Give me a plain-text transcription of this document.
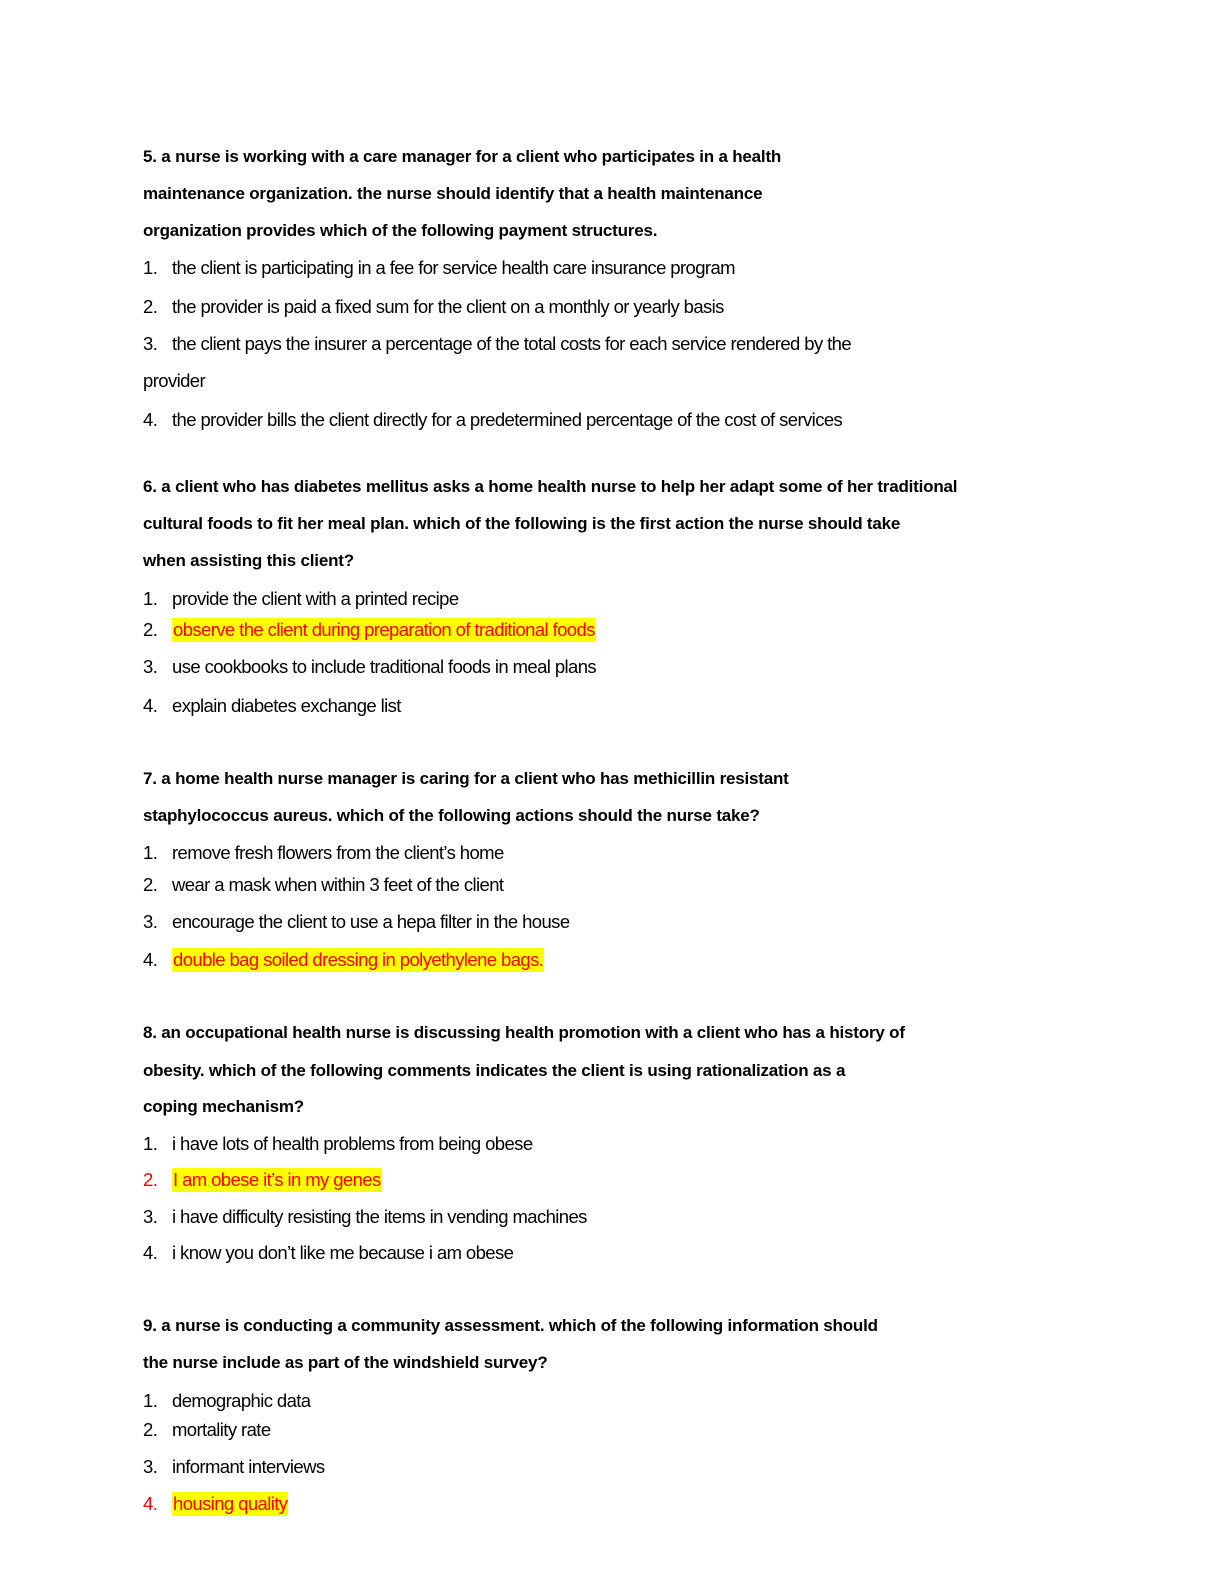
5. a nurse is working with a care manager for a client who participates in a health
maintenance organization. the nurse should identify that a health maintenance
organization provides which of the following payment structures.
1. the client is participating in a fee for service health care insurance program
2. the provider is paid a fixed sum for the client on a monthly or yearly basis
3. the client pays the insurer a percentage of the total costs for each service rendered by the
provider
4. the provider bills the client directly for a predetermined percentage of the cost of services
6. a client who has diabetes mellitus asks a home health nurse to help her adapt some of her traditional
cultural foods to fit her meal plan. which of the following is the first action the nurse should take
when assisting this client?
1. provide the client with a printed recipe
2. observe the client during preparation of traditional foods
3. use cookbooks to include traditional foods in meal plans
4. explain diabetes exchange list
7. a home health nurse manager is caring for a client who has methicillin resistant
staphylococcus aureus. which of the following actions should the nurse take?
1. remove fresh flowers from the client’s home
2. wear a mask when within 3 feet of the client
3. encourage the client to use a hepa filter in the house
4. double bag soiled dressing in polyethylene bags.
8. an occupational health nurse is discussing health promotion with a client who has a history of
obesity. which of the following comments indicates the client is using rationalization as a
coping mechanism?
1. i have lots of health problems from being obese
2. I am obese it’s in my genes
3. i have difficulty resisting the items in vending machines
4. i know you don’t like me because i am obese
9. a nurse is conducting a community assessment. which of the following information should
the nurse include as part of the windshield survey?
1. demographic data
2. mortality rate
3. informant interviews
4. housing quality
